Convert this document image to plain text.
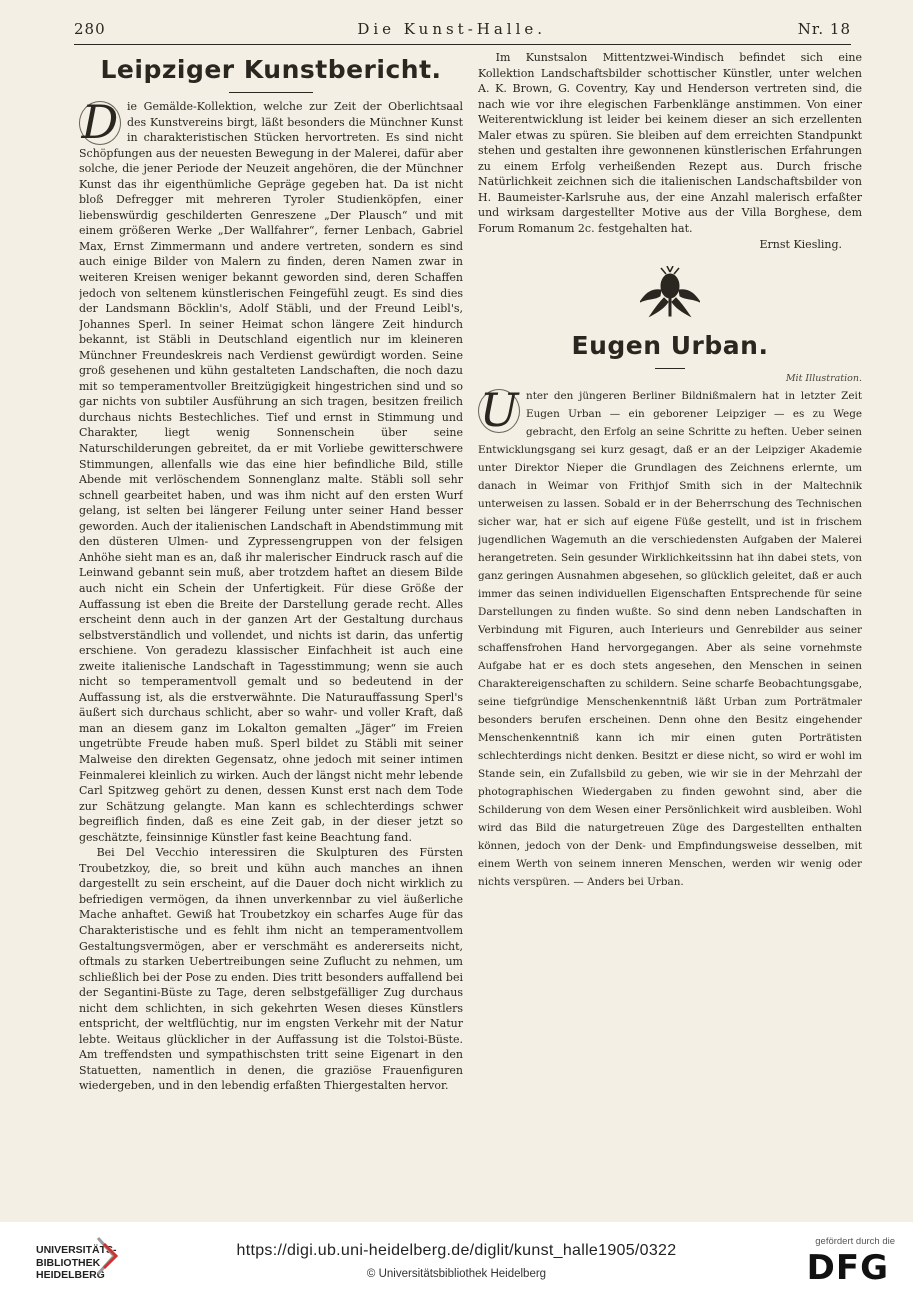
280	Die Kunst-Halle.	Nr. 18
Leipziger Kunstbericht.

D ie Gemälde-Kollektion, welche zur Zeit der Oberlichtsaal des Kunstvereins birgt, läßt besonders die Münchner Kunst in charakteristischen Stücken hervortreten. Es sind nicht Schöpfungen aus der neuesten Bewegung in der Malerei, dafür aber solche, die jener Periode der Neuzeit angehören, die der Münchner Kunst das ihr eigenthümliche Gepräge gegeben hat. Da ist nicht bloß Defregger mit mehreren Tyroler Studienköpfen, einer liebenswürdig geschilderten Genreszene „Der Plausch“ und mit einem größeren Werke „Der Wallfahrer“, ferner Lenbach, Gabriel Max, Ernst Zimmermann und andere vertreten, sondern es sind auch einige Bilder von Malern zu finden, deren Namen zwar in weiteren Kreisen weniger bekannt geworden sind, deren Schaffen jedoch von seltenem künstlerischen Feingefühl zeugt. Es sind dies der Landsmann Böcklin's, Adolf Stäbli, und der Freund Leibl's, Johannes Sperl. In seiner Heimat schon längere Zeit hindurch bekannt, ist Stäbli in Deutschland eigentlich nur im kleineren Münchner Freundeskreis nach Verdienst gewürdigt worden. Seine groß gesehenen und kühn gestalteten Landschaften, die noch dazu mit so temperamentvoller Breitzügigkeit hingestrichen sind und so gar nichts von subtiler Ausführung an sich tragen, besitzen freilich durchaus nichts Bestechliches. Tief und ernst in Stimmung und Charakter, liegt wenig Sonnenschein über seine Naturschilderungen gebreitet, da er mit Vorliebe gewitterschwere Stimmungen, allenfalls wie das eine hier befindliche Bild, stille Abende mit verlöschendem Sonnenglanz malte. Stäbli soll sehr schnell gearbeitet haben, und was ihm nicht auf den ersten Wurf gelang, ist selten bei längerer Feilung unter seiner Hand besser geworden. Auch der italienischen Landschaft in Abendstimmung mit den düsteren Ulmen- und Zypressengruppen von der felsigen Anhöhe sieht man es an, daß ihr malerischer Eindruck rasch auf die Leinwand gebannt sein muß, aber trotzdem haftet an diesem Bilde auch nicht ein Schein der Unfertigkeit. Für diese Größe der Auffassung ist eben die Breite der Darstellung gerade recht. Alles erscheint denn auch in der ganzen Art der Gestaltung durchaus selbstverständlich und vollendet, und nichts ist darin, das unfertig erschiene. Von geradezu klassischer Einfachheit ist auch eine zweite italienische Landschaft in Tagesstimmung; wenn sie auch nicht so temperamentvoll gemalt und so bedeutend in der Auffassung ist, als die erstverwähnte. Die Naturauffassung Sperl's äußert sich durchaus schlicht, aber so wahr- und voller Kraft, daß man an diesem ganz im Lokalton gemalten „Jäger“ im Freien ungetrübte Freude haben muß. Sperl bildet zu Stäbli mit seiner Malweise den direkten Gegensatz, ohne jedoch mit seiner intimen Feinmalerei kleinlich zu wirken. Auch der längst nicht mehr lebende Carl Spitzweg gehört zu denen, dessen Kunst erst nach dem Tode zur Schätzung gelangte. Man kann es schlechterdings schwer begreiflich finden, daß es eine Zeit gab, in der dieser jetzt so geschätzte, feinsinnige Künstler fast keine Beachtung fand.

Bei Del Vecchio interessiren die Skulpturen des Fürsten Troubetzkoy, die, so breit und kühn auch manches an ihnen dargestellt zu sein erscheint, auf die Dauer doch nicht wirklich zu befriedigen vermögen, da ihnen unverkennbar zu viel äußerliche Mache anhaftet. Gewiß hat Troubetzkoy ein scharfes Auge für das Charakteristische und es fehlt ihm nicht an temperamentvollem Gestaltungsvermögen, aber er verschmäht es andererseits nicht, oftmals zu starken Uebertreibungen seine Zuflucht zu nehmen, um schließlich bei der Pose zu enden. Dies tritt besonders auffallend bei der Segantini-Büste zu Tage, deren selbstgefälliger Zug durchaus nicht dem schlichten, in sich gekehrten Wesen dieses Künstlers entspricht, der weltflüchtig, nur im engsten Verkehr mit der Natur lebte. Weitaus glücklicher in der Auffassung ist die Tolstoi-Büste. Am treffendsten und sympathischsten tritt seine Eigenart in den Statuetten, namentlich in denen, die graziöse Frauenfiguren wiedergeben, und in den lebendig erfaßten Thiergestalten hervor.

Im Kunstsalon Mittentzwei-Windisch befindet sich eine Kollektion Landschaftsbilder schottischer Künstler, unter welchen A. K. Brown, G. Coventry, Kay und Henderson vertreten sind, die nach wie vor ihre elegischen Farbenklänge anstimmen. Von einer Weiterentwicklung ist leider bei keinem dieser an sich erzellenten Maler etwas zu spüren. Sie bleiben auf dem erreichten Standpunkt stehen und gestalten ihre gewonnenen künstlerischen Erfahrungen zu einem Erfolg verheißenden Rezept aus. Durch frische Natürlichkeit zeichnen sich die italienischen Landschaftsbilder von H. Baumeister-Karlsruhe aus, der eine Anzahl malerisch erfaßter und wirksam dargestellter Motive aus der Villa Borghese, dem Forum Romanum 2c. festgehalten hat.

Ernst Kiesling.

Eugen Urban.

Mit Illustration.

U nter den jüngeren Berliner Bildnißmalern hat in letzter Zeit Eugen Urban — ein geborener Leipziger — es zu Wege gebracht, den Erfolg an seine Schritte zu heften. Ueber seinen Entwicklungsgang sei kurz gesagt, daß er an der Leipziger Akademie unter Direktor Nieper die Grundlagen des Zeichnens erlernte, um danach in Weimar von Frithjof Smith sich in der Maltechnik unterweisen zu lassen. Sobald er in der Beherrschung des Technischen sicher war, hat er sich auf eigene Füße gestellt, und ist in frischem jugendlichen Wagemuth an die verschiedensten Aufgaben der Malerei herangetreten. Sein gesunder Wirklichkeitssinn hat ihn dabei stets, von ganz geringen Ausnahmen abgesehen, so glücklich geleitet, daß er auch immer das seinen individuellen Eigenschaften Entsprechende für seine Darstellungen zu finden wußte. So sind denn neben Landschaften in Verbindung mit Figuren, auch Interieurs und Genrebilder aus seiner schaffensfrohen Hand hervorgegangen. Aber als seine vornehmste Aufgabe hat er es doch stets angesehen, den Menschen in seinen Charaktereigenschaften zu schildern. Seine scharfe Beobachtungsgabe, seine tiefgründige Menschenkenntniß läßt Urban zum Porträtmaler besonders berufen erscheinen. Denn ohne den Besitz eingehender Menschenkenntniß kann ich mir einen guten Porträtisten schlechterdings nicht denken. Besitzt er diese nicht, so wird er wohl im Stande sein, ein Zufallsbild zu geben, wie wir sie in der Mehrzahl der photographischen Wiedergaben zu finden gewohnt sind, aber die Schilderung von dem Wesen einer Persönlichkeit wird ausbleiben. Wohl wird das Bild die naturgetreuen Züge des Dargestellten enthalten können, jedoch von der Denk- und Empfindungsweise desselben, mit einem Werth von seinem inneren Menschen, werden wir wenig oder nichts verspüren. — Anders bei Urban.

UNIVERSITÄTS-
BIBLIOTHEK
HEIDELBERG
https://digi.ub.uni-heidelberg.de/diglit/kunst_halle1905/0322
© Universitätsbibliothek Heidelberg
gefördert durch die
DFG
